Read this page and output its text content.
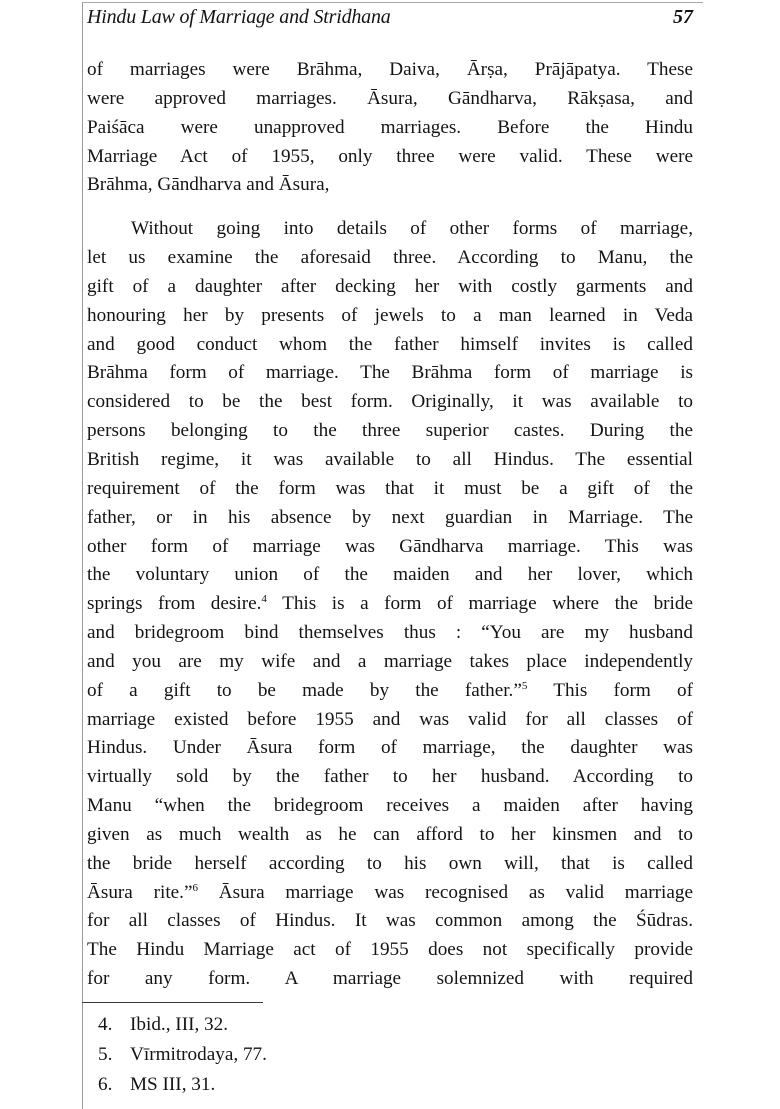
Hindu Law of Marriage and Stridhana	57
of marriages were Brāhma, Daiva, Ārṣa, Prājāpatya. These
were approved marriages. Āsura, Gāndharva, Rākṣasa, and
Paiśāca were unapproved marriages. Before the Hindu
Marriage Act of 1955, only three were valid. These were
Brāhma, Gāndharva and Āsura,
Without going into details of other forms of marriage,
let us examine the aforesaid three. According to Manu, the
gift of a daughter after decking her with costly garments and
honouring her by presents of jewels to a man learned in Veda
and good conduct whom the father himself invites is called
Brāhma form of marriage. The Brāhma form of marriage is
considered to be the best form. Originally, it was available to
persons belonging to the three superior castes. During the
British regime, it was available to all Hindus. The essential
requirement of the form was that it must be a gift of the
father, or in his absence by next guardian in Marriage. The
other form of marriage was Gāndharva marriage. This was
the voluntary union of the maiden and her lover, which
springs from desire.$^4$ This is a form of marriage where the bride
and bridegroom bind themselves thus : “You are my husband
and you are my wife and a marriage takes place independently
of a gift to be made by the father.”$^5$ This form of
marriage existed before 1955 and was valid for all classes of
Hindus. Under Āsura form of marriage, the daughter was
virtually sold by the father to her husband. According to
Manu “when the bridegroom receives a maiden after having
given as much wealth as he can afford to her kinsmen and to
the bride herself according to his own will, that is called
Āsura rite.”$^6$ Āsura marriage was recognised as valid marriage
for all classes of Hindus. It was common among the Śūdras.
The Hindu Marriage act of 1955 does not specifically provide
for any form. A marriage solemnized with required
4. Ibid., III, 32.
5. Vīrmitrodaya, 77.
6. MS III, 31.
